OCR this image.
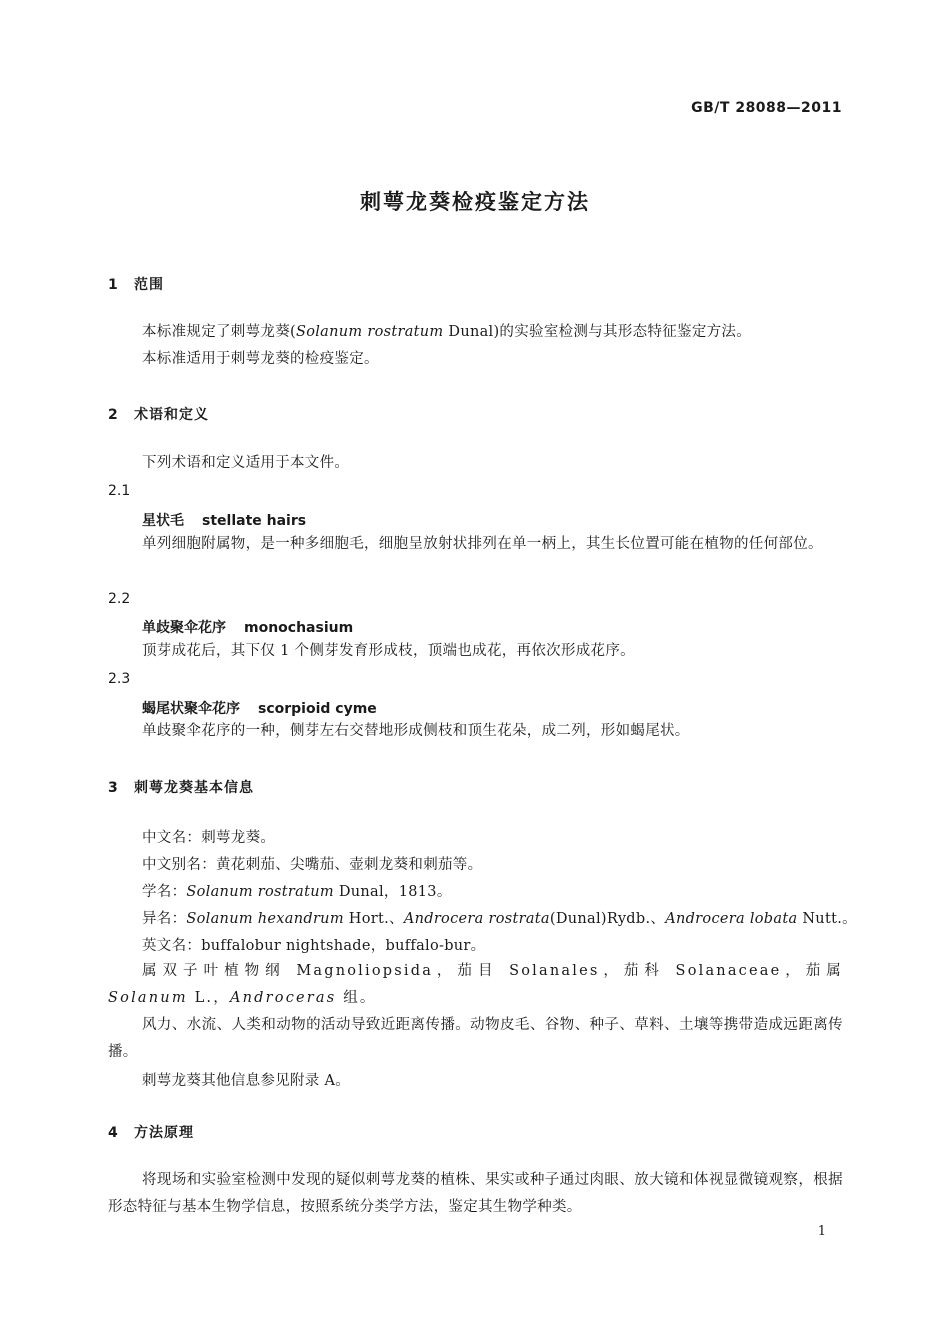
GB/T 28088—2011
刺萼龙葵检疫鉴定方法
1 范围
本标准规定了刺萼龙葵(Solanum rostratum Dunal)的实验室检测与其形态特征鉴定方法。
本标准适用于刺萼龙葵的检疫鉴定。
2 术语和定义
下列术语和定义适用于本文件。
2.1
星状毛 stellate hairs
单列细胞附属物，是一种多细胞毛，细胞呈放射状排列在单一柄上，其生长位置可能在植物的任何部位。
2.2
单歧聚伞花序 monochasium
顶芽成花后，其下仅 1 个侧芽发育形成枝，顶端也成花，再依次形成花序。
2.3
蝎尾状聚伞花序 scorpioid cyme
单歧聚伞花序的一种，侧芽左右交替地形成侧枝和顶生花朵，成二列，形如蝎尾状。
3 刺萼龙葵基本信息
中文名：刺萼龙葵。
中文别名：黄花刺茄、尖嘴茄、壶刺龙葵和刺茄等。
学名：Solanum rostratum Dunal，1813。
异名：Solanum hexandrum Hort.、Androcera rostrata(Dunal)Rydb.、Androcera lobata Nutt.。
英文名：buffalobur nightshade，buffalo-bur。
属双子叶植物纲 Magnoliopsida，茄目 Solanales，茄科 Solanaceae，茄属 Solanum L.，Androceras 组。
风力、水流、人类和动物的活动导致近距离传播。动物皮毛、谷物、种子、草料、土壤等携带造成远距离传播。
刺萼龙葵其他信息参见附录 A。
4 方法原理
将现场和实验室检测中发现的疑似刺萼龙葵的植株、果实或种子通过肉眼、放大镜和体视显微镜观察，根据形态特征与基本生物学信息，按照系统分类学方法，鉴定其生物学种类。
1
